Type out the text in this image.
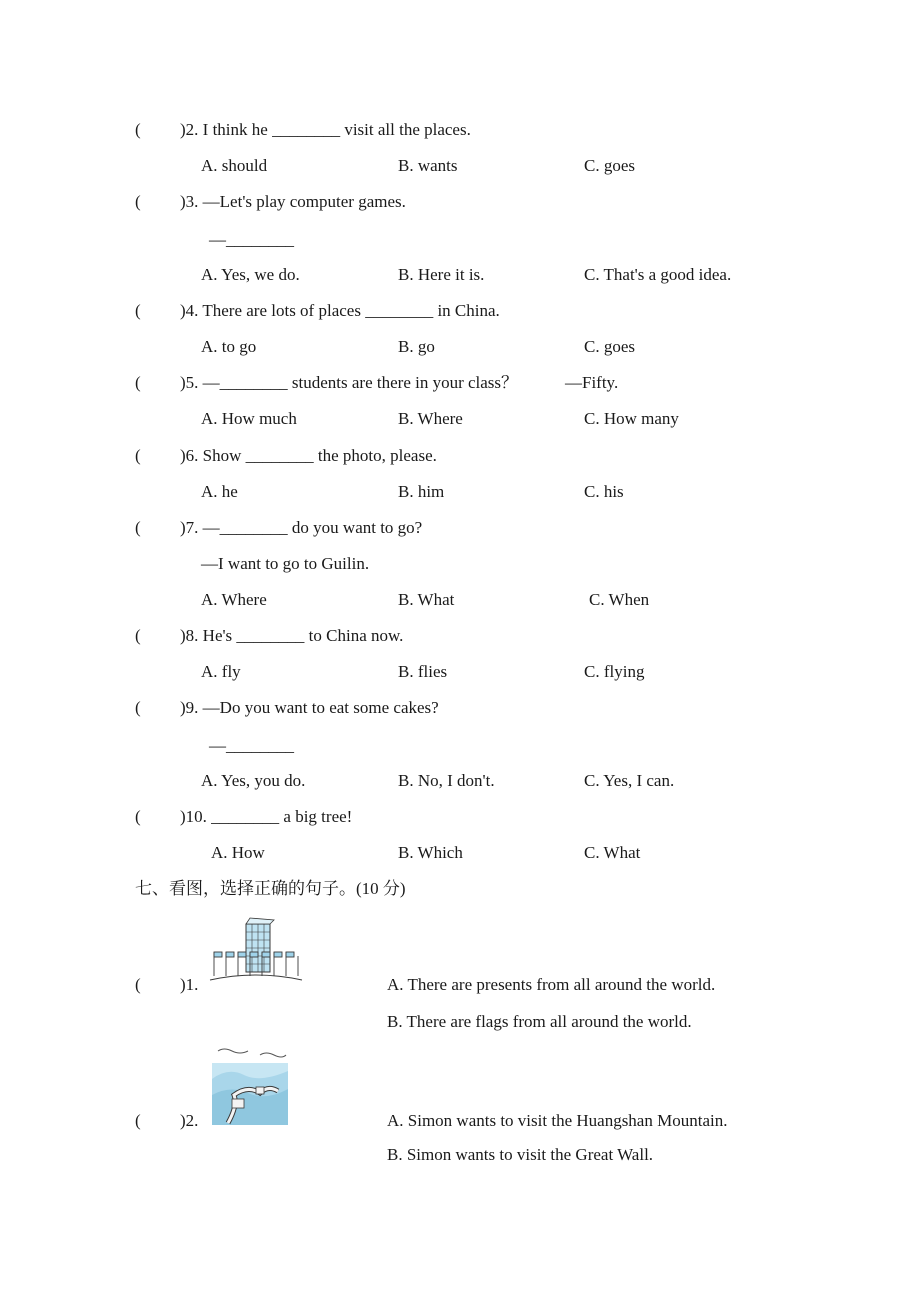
( )2. I think he ________ visit all the places.
A. should	B. wants	C. goes
( )3. —Let's play computer games.
—________
A. Yes, we do.	B. Here it is.	C. That's a good idea.
( )4. There are lots of places ________ in China.
A. to go	B. go	C. goes
( )5. —________ students are there in your class？	—Fifty.
A. How much	B. Where	C. How many
( )6. Show ________ the photo, please.
A. he	B. him	C. his
( )7. —________ do you want to go?
—I want to go to Guilin.
A. Where	B. What	C. When
( )8. He's ________ to China now.
A. fly	B. flies	C. flying
( )9. —Do you want to eat some cakes?
—________
A. Yes, you do.	B. No, I don't.	C. Yes, I can.
( )10. ________ a big tree!
A. How	B. Which	C. What
七、看图，选择正确的句子。(10 分)
( )1.	A. There are presents from all around the world.
B. There are flags from all around the world.
( )2.	A. Simon wants to visit the Huangshan Mountain.
B. Simon wants to visit the Great Wall.
